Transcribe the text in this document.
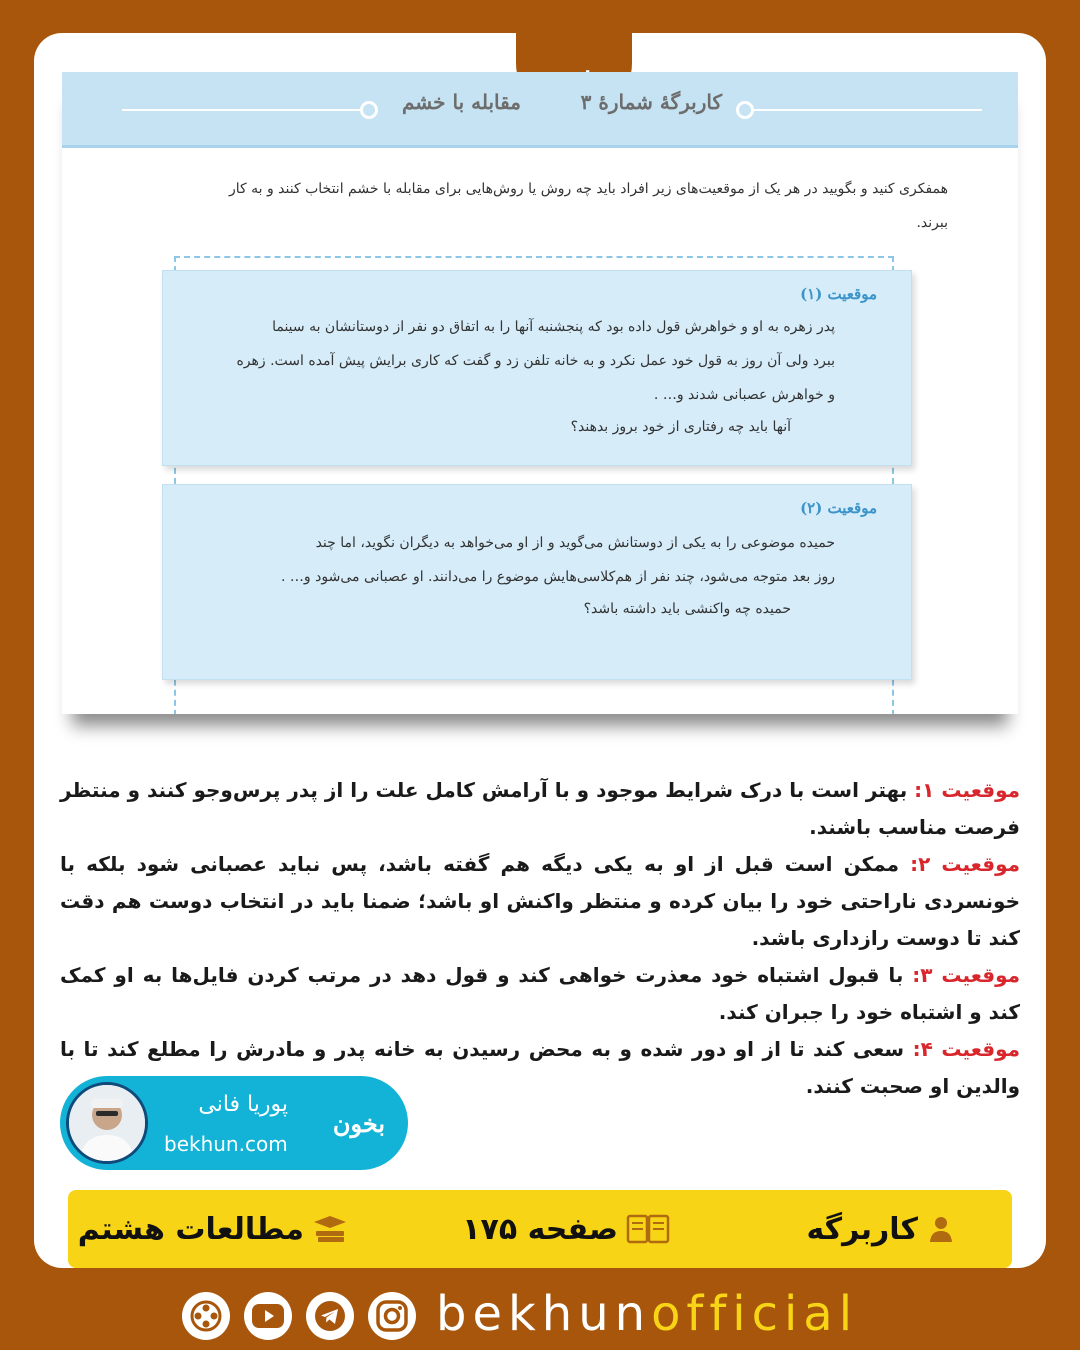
کاربرگۀ شمارۀ ۳
مقابله با خشم
همفکری کنید و بگویید در هر یک از موقعیت‌های زیر افراد باید چه روش یا روش‌هایی برای مقابله با خشم انتخاب کنند و به کار
ببرند.
موقعیت (۱)
پدر زهره به او و خواهرش قول داده بود که پنجشنبه آنها را به اتفاق دو نفر از دوستانشان به سینما
ببرد ولی آن روز به قول خود عمل نکرد و به خانه تلفن زد و گفت که کاری برایش پیش آمده است. زهره
و خواهرش عصبانی شدند و… .
آنها باید چه رفتاری از خود بروز بدهند؟
موقعیت (۲)
حمیده موضوعی را به یکی از دوستانش می‌گوید و از او می‌خواهد به دیگران نگوید، اما چند
روز بعد متوجه می‌شود، چند نفر از هم‌کلاسی‌هایش موضوع را می‌دانند. او عصبانی می‌شود و… .
حمیده چه واکنشی باید داشته باشد؟

موقعیت ۱: بهتر است با درک شرایط موجود و با آرامش کامل علت را از پدر پرس‌وجو کنند و منتظر فرصت مناسب باشند.

موقعیت ۲: ممکن است قبل از او به یکی دیگه هم گفته باشد، پس نباید عصبانی شود بلکه با خونسردی ناراحتی خود را بیان کرده و منتظر واکنش او باشد؛ ضمنا باید در انتخاب دوست هم دقت کند تا دوست رازداری باشد.

موقعیت ۳: با قبول اشتباه خود معذرت خواهی کند و قول دهد در مرتب کردن فایل‌ها به او کمک کند و اشتباه خود را جبران کند.

موقعیت ۴: سعی کند تا از او دور شده و به محض رسیدن به خانه پدر و مادرش را مطلع کند تا با والدین او صحبت کنند.

پوریا فانی
bekhun.com
بخون
کاربرگه
صفحه ۱۷۵
مطالعات هشتم
bekhunofficial
